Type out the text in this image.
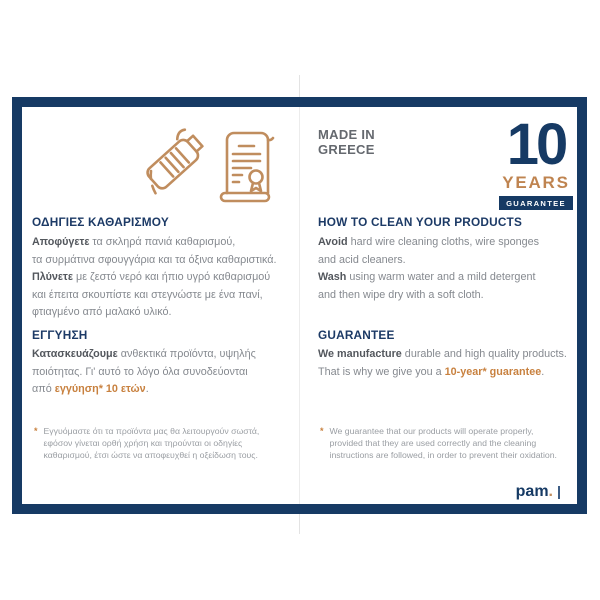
ΟΔΗΓΙΕΣ ΚΑΘΑΡΙΣΜΟΥ
Αποφύγετε τα σκληρά πανιά καθαρισμού,
τα συρμάτινα σφουγγάρια και τα όξινα καθαριστικά.
Πλύνετε με ζεστό νερό και ήπιο υγρό καθαρισμού
και έπειτα σκουπίστε και στεγνώστε με ένα πανί,
φτιαγμένο από μαλακό υλικό.
ΕΓΓΥΗΣΗ
Κατασκευάζουμε ανθεκτικά προϊόντα, υψηλής
ποιότητας. Γι' αυτό το λόγο όλα συνοδεύονται
από εγγύηση* 10 ετών.
* Εγγυόμαστε ότι τα προϊόντα μας θα λειτουργούν σωστά,
εφόσον γίνεται ορθή χρήση και τηρούνται οι οδηγίες
καθαρισμού, έτσι ώστε να αποφευχθεί η οξείδωση τους.
MADE IN
GREECE 10
YEARS
GUARANTEE
HOW TO CLEAN YOUR PRODUCTS
Avoid hard wire cleaning cloths, wire sponges
and acid cleaners.
Wash using warm water and a mild detergent
and then wipe dry with a soft cloth.
GUARANTEE
We manufacture durable and high quality products.
That is why we give you a 10-year* guarantee.
* We guarantee that our products will operate properly,
provided that they are used correctly and the cleaning
instructions are followed, in order to prevent their oxidation.
pam .
